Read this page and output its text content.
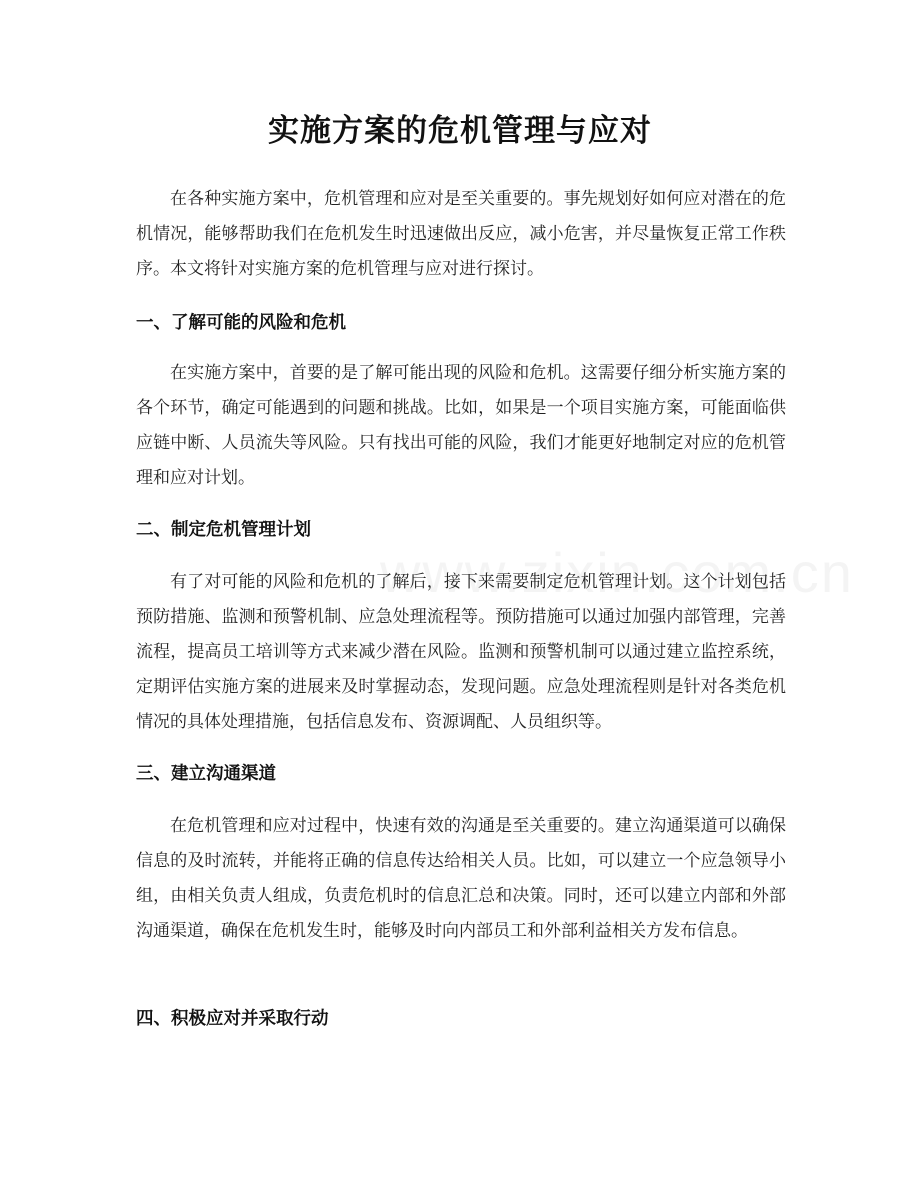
实施方案的危机管理与应对

在各种实施方案中，危机管理和应对是至关重要的。事先规划好如何应对潜在的危机情况，能够帮助我们在危机发生时迅速做出反应，减小危害，并尽量恢复正常工作秩序。本文将针对实施方案的危机管理与应对进行探讨。

一、了解可能的风险和危机

在实施方案中，首要的是了解可能出现的风险和危机。这需要仔细分析实施方案的各个环节，确定可能遇到的问题和挑战。比如，如果是一个项目实施方案，可能面临供应链中断、人员流失等风险。只有找出可能的风险，我们才能更好地制定对应的危机管理和应对计划。

二、制定危机管理计划

有了对可能的风险和危机的了解后，接下来需要制定危机管理计划。这个计划包括预防措施、监测和预警机制、应急处理流程等。预防措施可以通过加强内部管理，完善流程，提高员工培训等方式来减少潜在风险。监测和预警机制可以通过建立监控系统，定期评估实施方案的进展来及时掌握动态，发现问题。应急处理流程则是针对各类危机情况的具体处理措施，包括信息发布、资源调配、人员组织等。

三、建立沟通渠道

在危机管理和应对过程中，快速有效的沟通是至关重要的。建立沟通渠道可以确保信息的及时流转，并能将正确的信息传达给相关人员。比如，可以建立一个应急领导小组，由相关负责人组成，负责危机时的信息汇总和决策。同时，还可以建立内部和外部沟通渠道，确保在危机发生时，能够及时向内部员工和外部利益相关方发布信息。

四、积极应对并采取行动
